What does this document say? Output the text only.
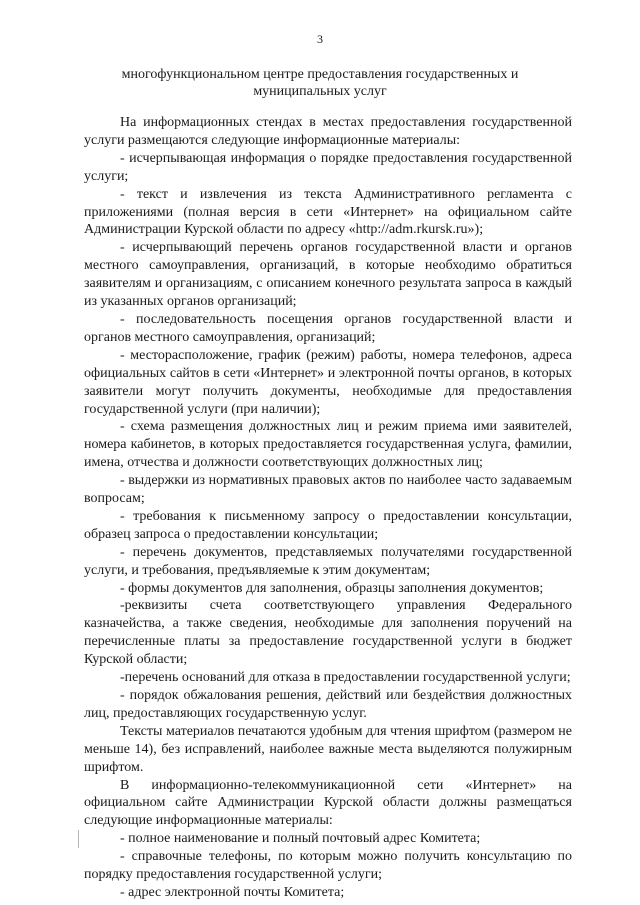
3
многофункциональном центре предоставления государственных и муниципальных услуг

На информационных стендах в местах предоставления государственной услуги размещаются следующие информационные материалы:

- исчерпывающая информация о порядке предоставления государственной услуги;

- текст и извлечения из текста Административного регламента с приложениями (полная версия в сети «Интернет» на официальном сайте Администрации Курской области по адресу «http://adm.rkursk.ru»);

- исчерпывающий перечень органов государственной власти и органов местного самоуправления, организаций, в которые необходимо обратиться заявителям и организациям, с описанием конечного результата запроса в каждый из указанных органов организаций;

- последовательность посещения органов государственной власти и органов местного самоуправления, организаций;

- месторасположение, график (режим) работы, номера телефонов, адреса официальных сайтов в сети «Интернет» и электронной почты органов, в которых заявители могут получить документы, необходимые для предоставления государственной услуги (при наличии);

- схема размещения должностных лиц и режим приема ими заявителей, номера кабинетов, в которых предоставляется государственная услуга, фамилии, имена, отчества и должности соответствующих должностных лиц;

- выдержки из нормативных правовых актов по наиболее часто задаваемым вопросам;

- требования к письменному запросу о предоставлении консультации, образец запроса о предоставлении консультации;

- перечень документов, представляемых получателями государственной услуги, и требования, предъявляемые к этим документам;

- формы документов для заполнения, образцы заполнения документов;

-реквизиты счета соответствующего управления Федерального казначейства, а также сведения, необходимые для заполнения поручений на перечисленные платы за предоставление государственной услуги в бюджет Курской области;

-перечень оснований для отказа в предоставлении государственной услуги;

- порядок обжалования решения, действий или бездействия должностных лиц, предоставляющих государственную услуг.

Тексты материалов печатаются удобным для чтения шрифтом (размером не меньше 14), без исправлений, наиболее важные места выделяются полужирным шрифтом.

В информационно-телекоммуникационной сети «Интернет» на официальном сайте Администрации Курской области должны размещаться следующие информационные материалы:

- полное наименование и полный почтовый адрес Комитета;

- справочные телефоны, по которым можно получить консультацию по порядку предоставления государственной услуги;

- адрес электронной почты Комитета;
